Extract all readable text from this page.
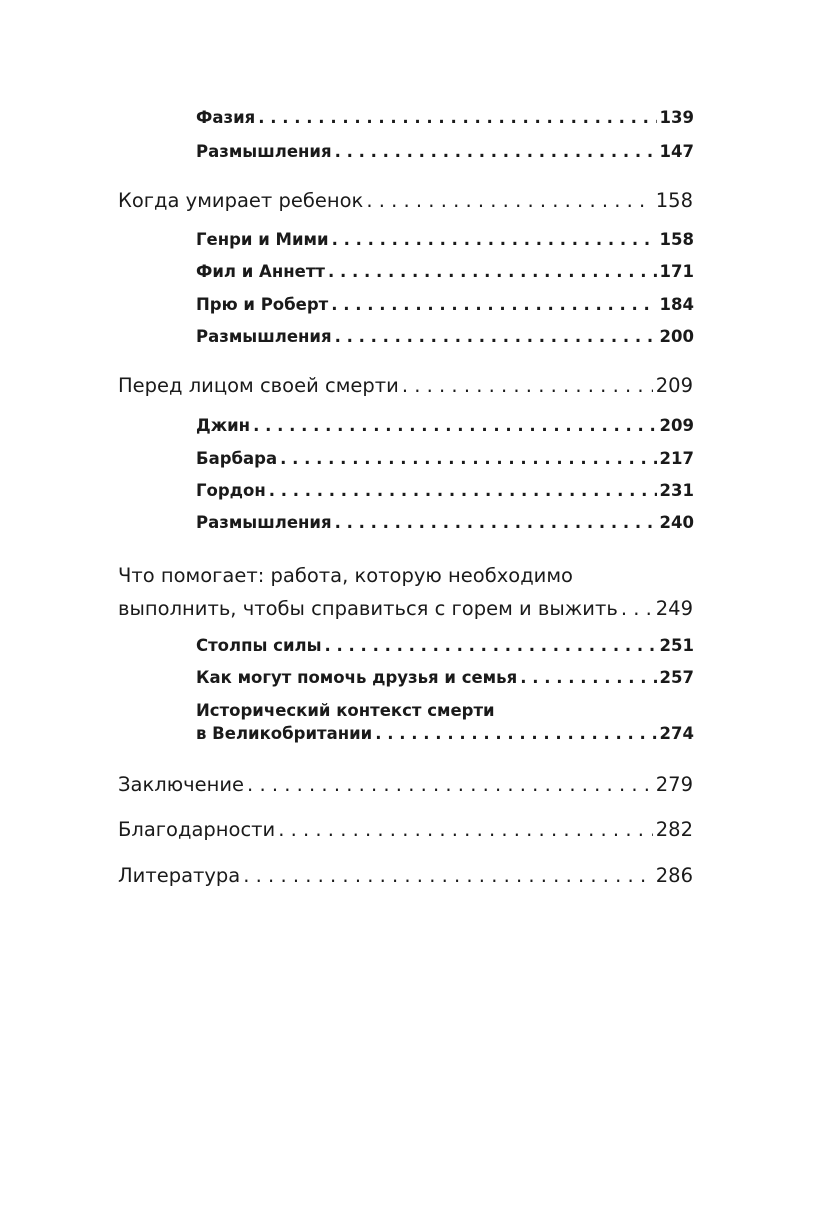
Фазия . . .	139
Размышления . . .	147
Когда умирает ребенок . . .	158
Генри и Мими . . .	158
Фил и Аннетт . . .	171
Прю и Роберт . . .	184
Размышления . . .	200
Перед лицом своей смерти . . .	209
Джин . . .	209
Барбара . . .	217
Гордон . . .	231
Размышления . . .	240
Что помогает: работа, которую необходимо
выполнить, чтобы справиться с горем и выжить . . . 249
Столпы силы . . .	251
Как могут помочь друзья и семья . . .	257
Исторический контекст смерти
в Великобритании . . .	274
Заключение . . .	279
Благодарности . . .	282
Литература . . .	286
